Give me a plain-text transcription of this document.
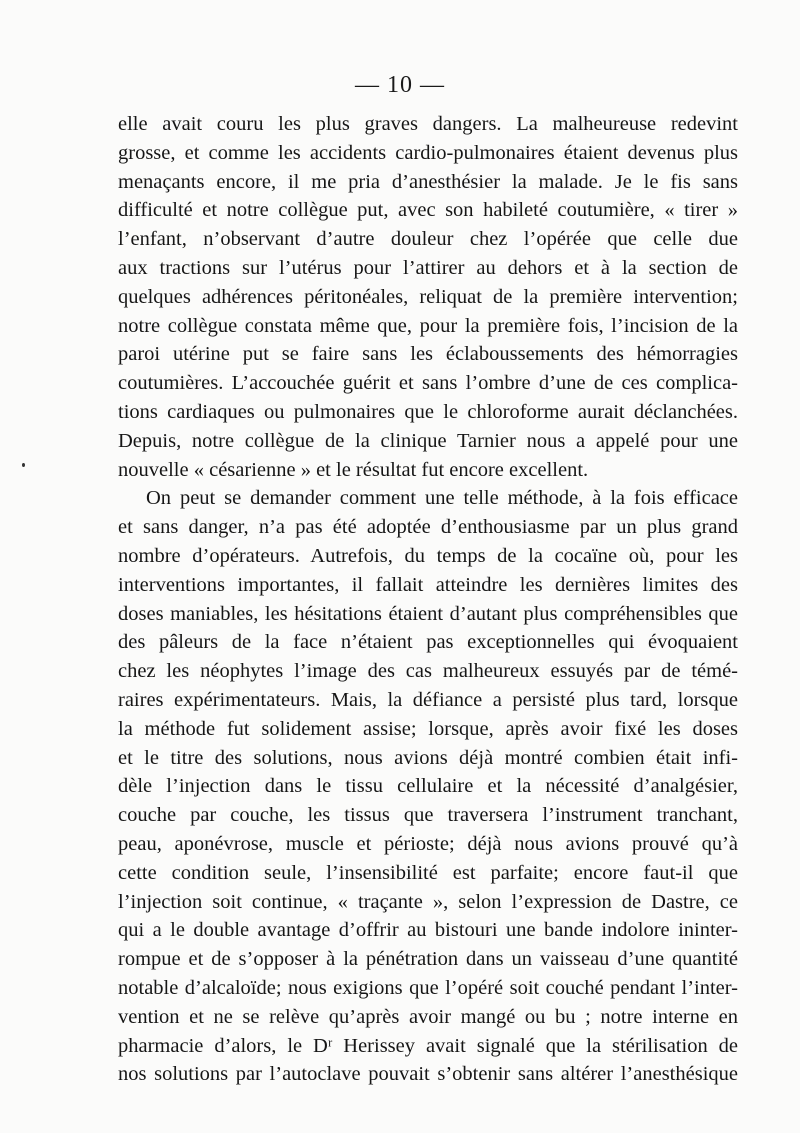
— 10 —
elle avait couru les plus graves dangers. La malheureuse redevint
grosse, et comme les accidents cardio-pulmonaires étaient devenus plus
menaçants encore, il me pria d’anesthésier la malade. Je le fis sans
difficulté et notre collègue put, avec son habileté coutumière, « tirer »
l’enfant, n’observant d’autre douleur chez l’opérée que celle due
aux tractions sur l’utérus pour l’attirer au dehors et à la section de
quelques adhérences péritonéales, reliquat de la première intervention;
notre collègue constata même que, pour la première fois, l’incision de la
paroi utérine put se faire sans les éclaboussements des hémorragies
coutumières. L’accouchée guérit et sans l’ombre d’une de ces complica-
tions cardiaques ou pulmonaires que le chloroforme aurait déclanchées.
Depuis, notre collègue de la clinique Tarnier nous a appelé pour une
nouvelle « césarienne » et le résultat fut encore excellent.
On peut se demander comment une telle méthode, à la fois efficace
et sans danger, n’a pas été adoptée d’enthousiasme par un plus grand
nombre d’opérateurs. Autrefois, du temps de la cocaïne où, pour les
interventions importantes, il fallait atteindre les dernières limites des
doses maniables, les hésitations étaient d’autant plus compréhensibles que
des pâleurs de la face n’étaient pas exceptionnelles qui évoquaient
chez les néophytes l’image des cas malheureux essuyés par de témé-
raires expérimentateurs. Mais, la défiance a persisté plus tard, lorsque
la méthode fut solidement assise; lorsque, après avoir fixé les doses
et le titre des solutions, nous avions déjà montré combien était infi-
dèle l’injection dans le tissu cellulaire et la nécessité d’analgésier,
couche par couche, les tissus que traversera l’instrument tranchant,
peau, aponévrose, muscle et périoste; déjà nous avions prouvé qu’à
cette condition seule, l’insensibilité est parfaite; encore faut-il que
l’injection soit continue, « traçante », selon l’expression de Dastre, ce
qui a le double avantage d’offrir au bistouri une bande indolore ininter-
rompue et de s’opposer à la pénétration dans un vaisseau d’une quantité
notable d’alcaloïde; nous exigions que l’opéré soit couché pendant l’inter-
vention et ne se relève qu’après avoir mangé ou bu ; notre interne en
pharmacie d’alors, le Dʳ Herissey avait signalé que la stérilisation de
nos solutions par l’autoclave pouvait s’obtenir sans altérer l’anesthésique
